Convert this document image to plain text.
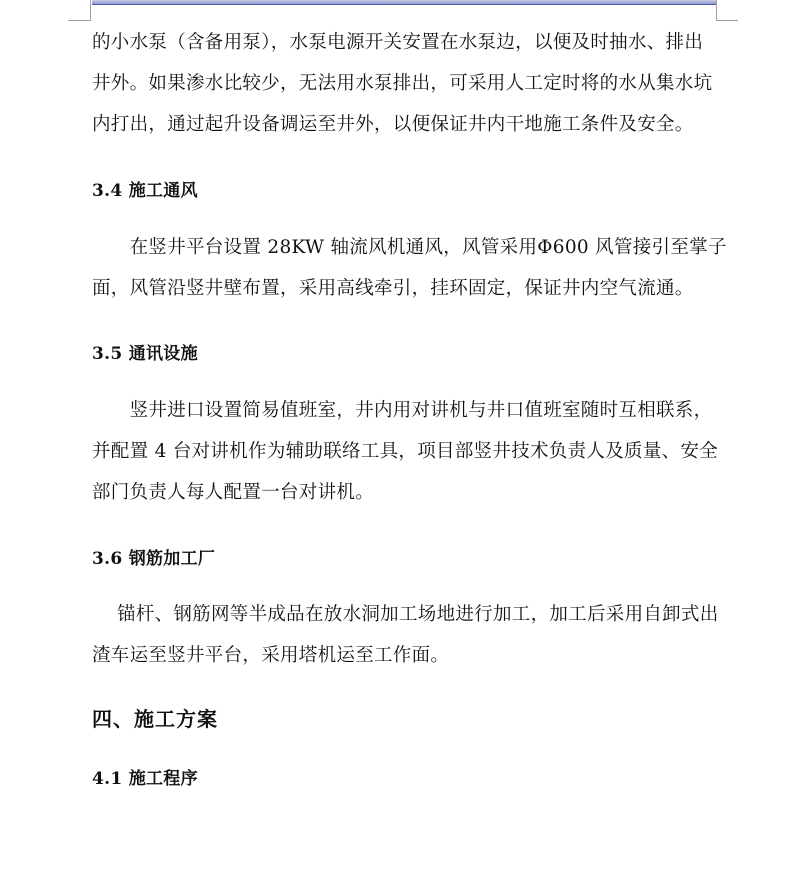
的小水泵（含备用泵），水泵电源开关安置在水泵边，以便及时抽水、排出
井外。如果渗水比较少，无法用水泵排出，可采用人工定时将的水从集水坑
内打出，通过起升设备调运至井外，以便保证井内干地施工条件及安全。
3.4 施工通风
　　在竖井平台设置 28KW 轴流风机通风，风管采用Φ600 风管接引至掌子
面，风管沿竖井壁布置，采用高线牵引，挂环固定，保证井内空气流通。
3.5 通讯设施
　　竖井进口设置简易值班室，井内用对讲机与井口值班室随时互相联系，
并配置 4 台对讲机作为辅助联络工具，项目部竖井技术负责人及质量、安全
部门负责人每人配置一台对讲机。
3.6 钢筋加工厂
　 锚杆、钢筋网等半成品在放水洞加工场地进行加工，加工后采用自卸式出
渣车运至竖井平台，采用塔机运至工作面。
四、施工方案
4.1 施工程序
